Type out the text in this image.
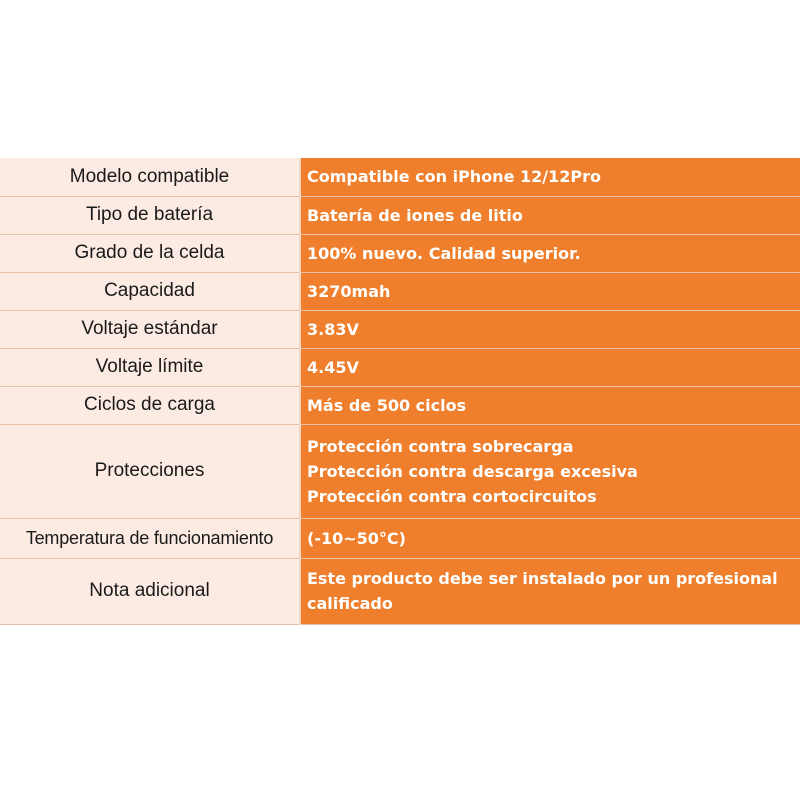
Modelo compatible	Compatible con iPhone 12/12Pro

Tipo de batería	Batería de iones de litio

Grado de la celda	100% nuevo. Calidad superior.

Capacidad	3270mah

Voltaje estándar	3.83V

Voltaje límite	4.45V

Ciclos de carga	Más de 500 ciclos

Protecciones	Protección contra sobrecarga
Protección contra descarga excesiva
Protección contra cortocircuitos

Temperatura de funcionamiento	(-10~50°C)

Nota adicional	Este producto debe ser instalado por un profesional
calificado
